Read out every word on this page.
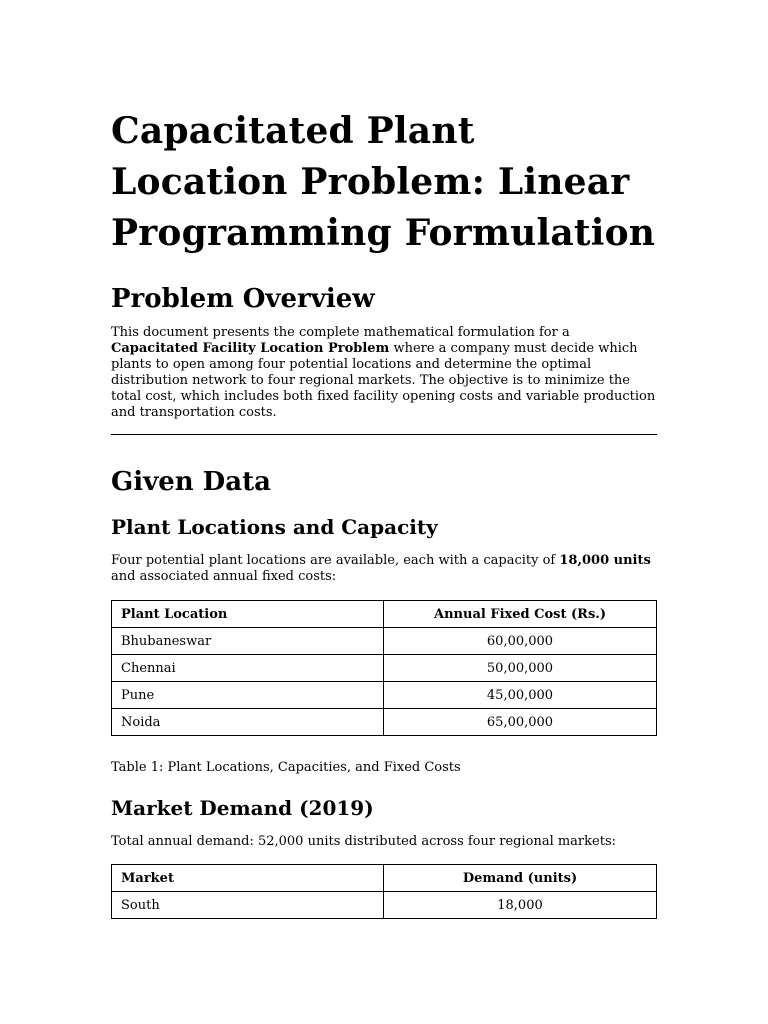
Capacitated Plant Location Problem: Linear Programming Formulation
Problem Overview

This document presents the complete mathematical formulation for a Capacitated Facility Location Problem where a company must decide which plants to open among four potential locations and determine the optimal distribution network to four regional markets. The objective is to minimize the total cost, which includes both fixed facility opening costs and variable production and transportation costs.

Given Data
Plant Locations and Capacity

Four potential plant locations are available, each with a capacity of 18,000 units and associated annual fixed costs:

Plant Location	Annual Fixed Cost (Rs.)
Bhubaneswar	60,00,000
Chennai	50,00,000
Pune	45,00,000
Noida	65,00,000

Table 1: Plant Locations, Capacities, and Fixed Costs

Market Demand (2019)

Total annual demand: 52,000 units distributed across four regional markets:

Market	Demand (units)
South	18,000
